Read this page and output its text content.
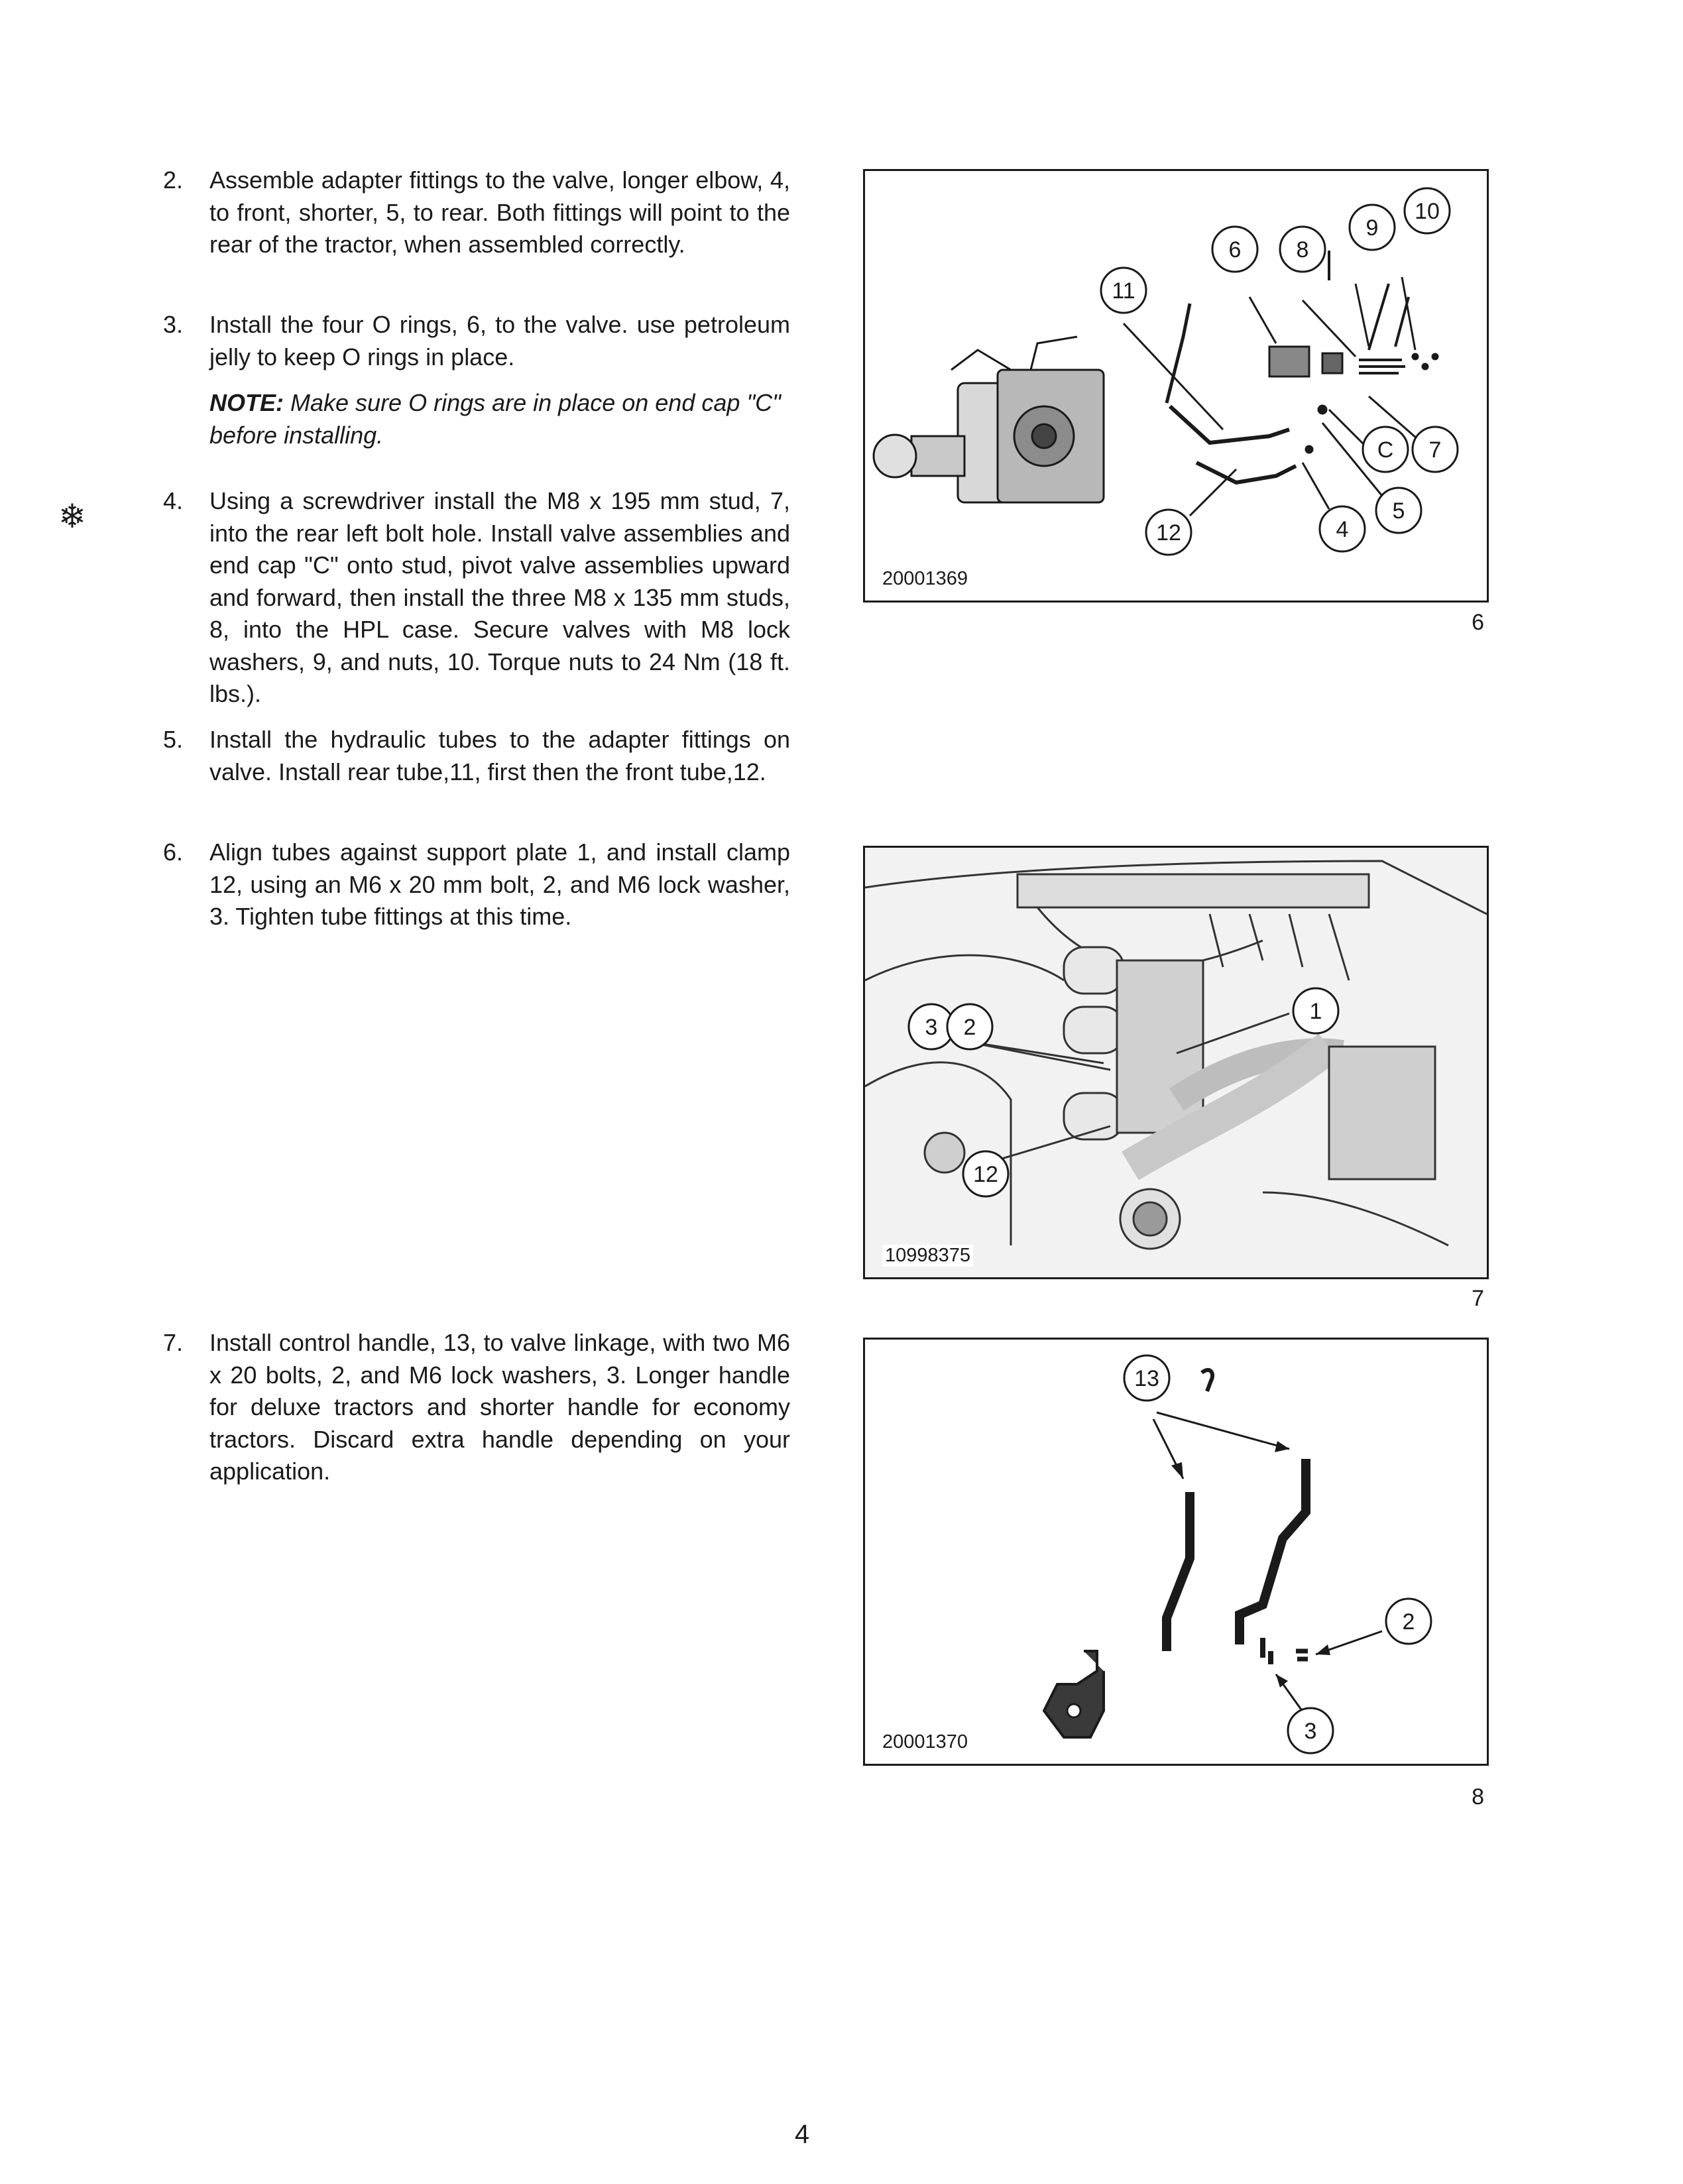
❄
2. Assemble adapter fittings to the valve, longer elbow, 4, to front, shorter, 5, to rear. Both fittings will point to the rear of the tractor, when assembled correctly.
3. Install the four O rings, 6, to the valve. use petroleum jelly to keep O rings in place.
NOTE: Make sure O rings are in place on end cap "C" before installing.
4. Using a screwdriver install the M8 x 195 mm stud, 7, into the rear left bolt hole. Install valve assemblies and end cap "C" onto stud, pivot valve assemblies upward and forward, then install the three M8 x 135 mm studs, 8, into the HPL case. Secure valves with M8 lock washers, 9, and nuts, 10. Torque nuts to 24 Nm (18 ft. lbs.).
5. Install the hydraulic tubes to the adapter fittings on valve. Install rear tube,11, first then the front tube,12.
6. Align tubes against support plate 1, and install clamp 12, using an M6 x 20 mm bolt, 2, and M6 lock washer, 3. Tighten tube fittings at this time.
7. Install control handle, 13, to valve linkage, with two M6 x 20 bolts, 2, and M6 lock washers, 3. Longer handle for deluxe tractors and shorter handle for economy tractors. Discard extra handle depending on your application.
6 8
9
10
11
C 7
12	4
5
20001369
6
3 2
1
12
10998375
7
13
2
3
20001370
8
4
